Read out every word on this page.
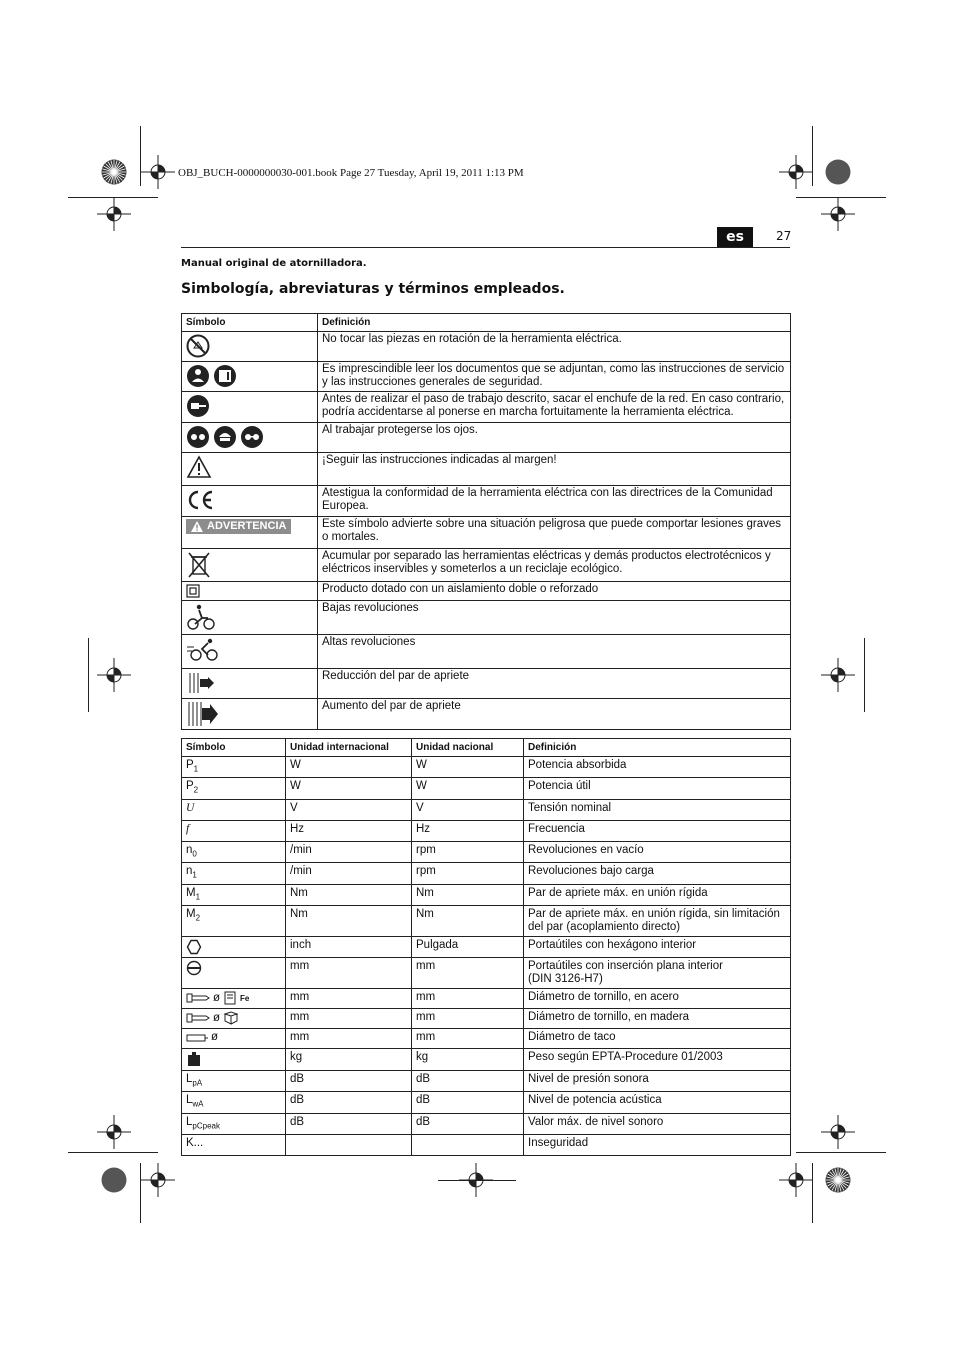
OBJ_BUCH-0000000030-001.book Page 27 Tuesday, April 19, 2011 1:13 PM
es	27
Manual original de atornilladora.
Simbología, abreviaturas y términos empleados.
Símbolo	Definición

	No tocar las piezas en rotación de la herramienta eléctrica.

	Es imprescindible leer los documentos que se adjuntan, como las instrucciones de servicio y las instrucciones generales de seguridad.

	Antes de realizar el paso de trabajo descrito, sacar el enchufe de la red. En caso contrario, podría accidentarse al ponerse en marcha fortuitamente la herramienta eléctrica.

	Al trabajar protegerse los ojos.

	¡Seguir las instrucciones indicadas al margen!

	Atestigua la conformidad de la herramienta eléctrica con las directrices de la Comunidad Europea.

ADVERTENCIA	Este símbolo advierte sobre una situación peligrosa que puede comportar lesiones graves o mortales.

	Acumular por separado las herramientas eléctricas y demás productos electrotécnicos y eléctricos inservibles y someterlos a un reciclaje ecológico.

	Producto dotado con un aislamiento doble o reforzado

	Bajas revoluciones

	Altas revoluciones

	Reducción del par de apriete

	Aumento del par de apriete
Símbolo	Unidad internacional	Unidad nacional	Definición
$P_1$	W	W	Potencia absorbida
$P_2$	W	W	Potencia útil
U	V	V	Tensión nominal
f	Hz	Hz	Frecuencia
$n_0$	/min	rpm	Revoluciones en vacío
$n_1$	/min	rpm	Revoluciones bajo carga
$M_1$	Nm	Nm	Par de apriete máx. en unión rígida
$M_2$	Nm	Nm	Par de apriete máx. en unión rígida, sin limitación del par (acoplamiento directo)

	inch	Pulgada	Portaútiles con hexágono interior

	mm	mm	Portaútiles con inserción plana interior
(DIN 3126-H7)

ø Fe	mm	mm	Diámetro de tornillo, en acero

ø	mm	mm	Diámetro de tornillo, en madera

ø	mm	mm	Diámetro de taco

	kg	kg	Peso según EPTA-Procedure 01/2003
$L_{pA}$	dB	dB	Nivel de presión sonora
$L_{wA}$	dB	dB	Nivel de potencia acústica
$L_{pCpeak}$	dB	dB	Valor máx. de nivel sonoro
K...			Inseguridad
